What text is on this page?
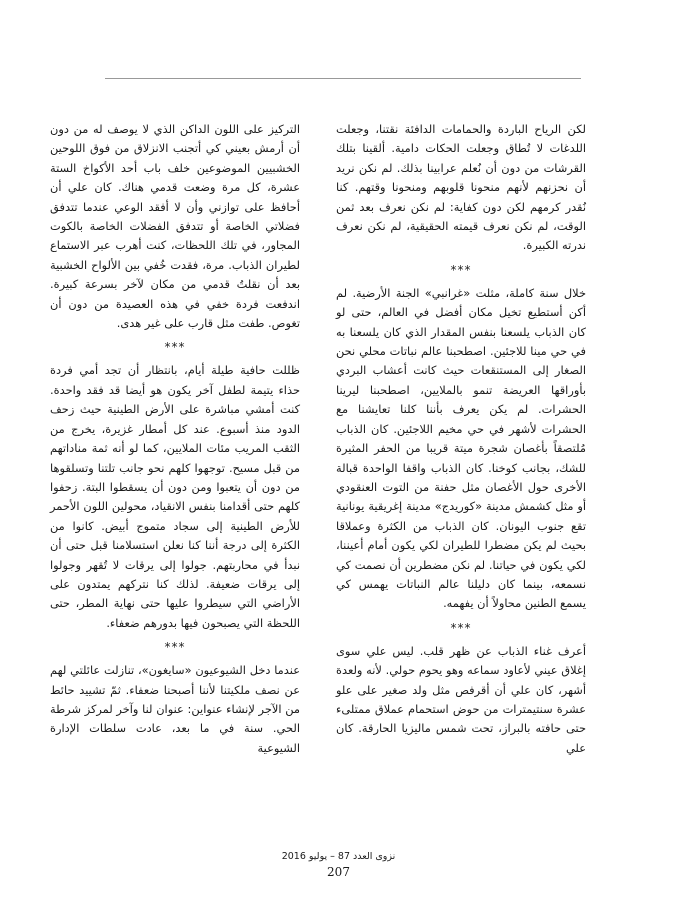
لكن الرياح الباردة والحمامات الدافئة نقتنا، وجعلت اللدغات لا تُطاق وجعلت الحكات دامية. ألقينا بتلك القرشات من دون أن نُعلم عرابينا بذلك. لم نكن نريد أن نحزنهم لأنهم منحونا قلوبهم ومنحونا وقتهم. كنا نُقدر كرمهم لكن دون كفاية: لم نكن نعرف بعد ثمن الوقت، لم نكن نعرف قيمته الحقيقية، لم نكن نعرف ندرته الكبيرة.

***

خلال سنة كاملة، مثلت «غرانبي» الجنة الأرضية. لم أكن أستطيع تخيل مكان أفضل في العالم، حتى لو كان الذباب يلسعنا بنفس المقدار الذي كان يلسعنا به في حي مينا للاجئين. اصطحبنا عالم نباتات محلي نحن الصغار إلى المستنقعات حيث كانت أعشاب البردي بأوراقها العريضة تنمو بالملايين، اصطحبنا ليرينا الحشرات. لم يكن يعرف بأننا كلنا تعايشنا مع الحشرات لأشهر في حي مخيم اللاجئين. كان الذباب مُلتصقاً بأغصان شجرة ميتة قريبا من الحفر المثيرة للشك، بجانب كوخنا. كان الذباب واقفا الواحدة قبالة الأخرى حول الأغصان مثل حفنة من التوت العنقودي أو مثل كشمش مدينة «كوريدج» مدينة إغريقية يونانية تقع جنوب اليونان. كان الذباب من الكثرة وعملاقا بحيث لم يكن مضطرا للطيران لكي يكون أمام أعيننا، لكي يكون في حياتنا. لم نكن مضطرين أن نصمت كي نسمعه، بينما كان دليلنا عالم النباتات يهمس كي يسمع الطنين محاولاً أن يفهمه.

***

أعرف غناء الذباب عن ظهر قلب. ليس علي سوى إغلاق عيني لأعاود سماعه وهو يحوم حولي. لأنه ولعدة أشهر، كان علي أن أقرفص مثل ولد صغير على علو عشرة سنتيمترات من حوض استحمام عملاق ممتلىء حتى حافته بالبراز، تحت شمس ماليزيا الحارقة. كان علي

التركيز على اللون الداكن الذي لا يوصف له من دون أن أرمش بعيني كي أتجنب الانزلاق من فوق اللوحين الخشبيين الموضوعين خلف باب أحد الأكواخ الستة عشرة، كل مرة وضعت قدمي هناك. كان علي أن أحافظ على توازني وأن لا أفقد الوعي عندما تتدفق فضلاتي الخاصة أو تتدفق الفضلات الخاصة بالكوت المجاور، في تلك اللحظات، كنت أهرب عبر الاستماع لطيران الذباب. مرة، فقدت خُفي بين الألواح الخشبية بعد أن نقلتُ قدمي من مكان لآخر بسرعة كبيرة. اندفعت فردة خفي في هذه العصيدة من دون أن تغوص. طفت مثل قارب على غير هدى.

***

ظللت حافية طيلة أيام، بانتظار أن تجد أمي فردة حذاء يتيمة لطفل آخر يكون هو أيضا قد فقد واحدة. كنت أمشي مباشرة على الأرض الطينية حيث زحف الدود منذ أسبوع. عند كل أمطار غزيرة، يخرج من الثقب المريب مئات الملايين، كما لو أنه ثمة مناداتهم من قبل مسيح. توجهوا كلهم نحو جانب تلتنا وتسلقوها من دون أن يتعبوا ومن دون أن يسقطوا البتة. زحفوا كلهم حتى أقدامنا بنفس الانقياد، محولين اللون الأحمر للأرض الطينية إلى سجاد متموج أبيض. كانوا من الكثرة إلى درجة أننا كنا نعلن استسلامنا قبل حتى أن نبدأ في محاربتهم. جولوا إلى يرقات لا تُقهر وجولوا إلى يرقات ضعيفة. لذلك كنا نتركهم يمتدون على الأراضي التي سيطروا عليها حتى نهاية المطر، حتى اللحظة التي يصبحون فيها بدورهم ضعفاء.

***

عندما دخل الشيوعيون «سايغون»، تنازلت عائلتي لهم عن نصف ملكيتنا لأننا أصبحنا ضعفاء. ثمّ تشييد حائط من الآجر لإنشاء عنواين: عنوان لنا وآخر لمركز شرطة الحي. سنة في ما بعد، عادت سلطات الإدارة الشيوعية

نزوى العدد 87 – يوليو 2016
207
